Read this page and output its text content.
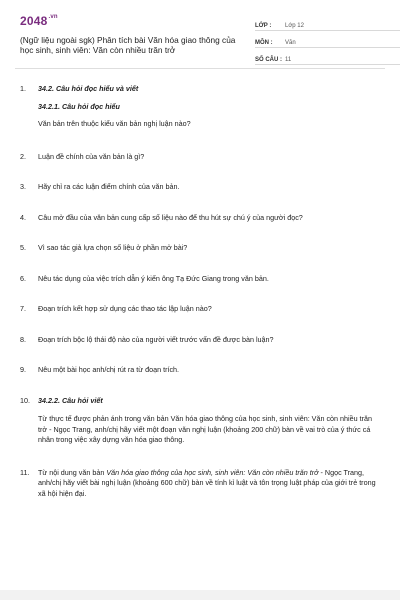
$2048^{.vn}$
(Ngữ liệu ngoài sgk) Phân tích bài Văn hóa giao thông của học sinh, sinh viên: Văn còn nhiều trăn trở
LỚP :	Lớp 12
MÔN :	Văn
SỐ CÂU : 11
1. 34.2. Câu hỏi đọc hiểu và viết
34.2.1. Câu hỏi đọc hiểu
Văn bản trên thuộc kiểu văn bản nghị luận nào?
2. Luận đề chính của văn bản là gì?
3. Hãy chỉ ra các luận điểm chính của văn bản.
4. Câu mở đầu của văn bản cung cấp số liệu nào để thu hút sự chú ý của người đọc?
5. Vì sao tác giả lựa chọn số liệu ở phần mở bài?
6. Nêu tác dụng của việc trích dẫn ý kiến ông Tạ Đức Giang trong văn bản.
7. Đoạn trích kết hợp sử dụng các thao tác lập luận nào?
8. Đoạn trích bộc lộ thái độ nào của người viết trước vấn đề được bàn luận?
9. Nêu một bài học anh/chị rút ra từ đoạn trích.
10. 34.2.2. Câu hỏi viết
Từ thực tế được phản ánh trong văn bản Văn hóa giao thông của học sinh, sinh viên: Văn còn nhiều trăn trở - Ngọc Trang, anh/chị hãy viết một đoạn văn nghị luận (khoảng 200 chữ) bàn về vai trò của ý thức cá nhân trong việc xây dựng văn hóa giao thông.
11. Từ nội dung văn bản Văn hóa giao thông của học sinh, sinh viên: Văn còn nhiều trăn trở - Ngọc Trang, anh/chị hãy viết bài nghị luận (khoảng 600 chữ) bàn về tính kỉ luật và tôn trọng luật pháp của giới trẻ trong xã hội hiện đại.
